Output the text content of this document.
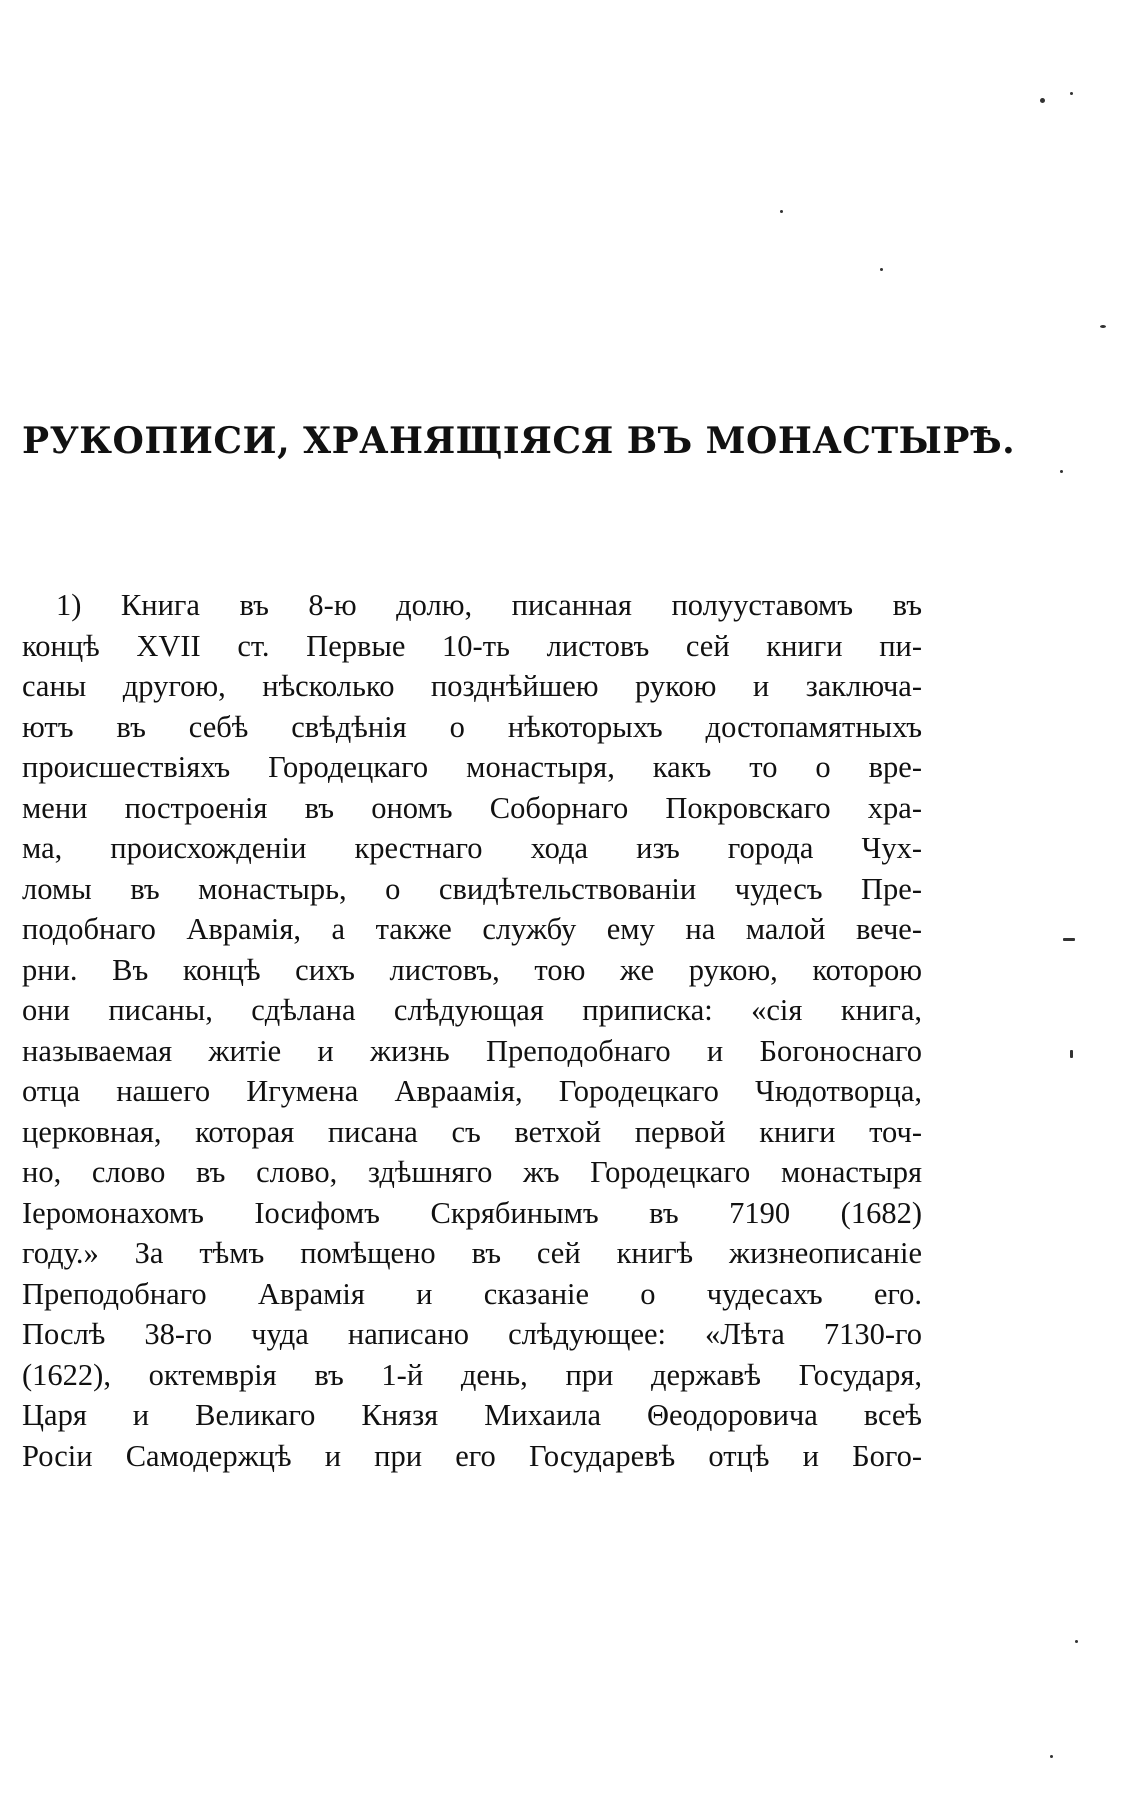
РУКОПИСИ, ХРАНЯЩІЯСЯ ВЪ МОНАСТЫРѢ.
1) Книга въ 8-ю долю, писанная полууставомъ въ
концѣ XVII ст. Первые 10-ть листовъ сей книги пи-
саны другою, нѣсколько позднѣйшею рукою и заключа-
ютъ въ себѣ свѣдѣнія о нѣкоторыхъ достопамятныхъ
происшествіяхъ Городецкаго монастыря, какъ то о вре-
мени построенія въ ономъ Соборнаго Покровскаго хра-
ма, происхожденіи крестнаго хода изъ города Чух-
ломы въ монастырь, о свидѣтельствованіи чудесъ Пре-
подобнаго Аврамія, а также службу ему на малой вече-
рни. Въ концѣ сихъ листовъ, тою же рукою, которою
они писаны, сдѣлана слѣдующая приписка: «сія книга,
называемая житіе и жизнь Преподобнаго и Богоноснаго
отца нашего Игумена Авраамія, Городецкаго Чюдотворца,
церковная, которая писана съ ветхой первой книги точ-
но, слово въ слово, здѣшняго жъ Городецкаго монастыря
Іеромонахомъ Іосифомъ Скрябинымъ въ 7190 (1682)
году.» За тѣмъ помѣщено въ сей книгѣ жизнеописаніе
Преподобнаго Аврамія и сказаніе о чудесахъ его.
Послѣ 38-го чуда написано слѣдующее: «Лѣта 7130-го
(1622), октемврія въ 1-й день, при державѣ Государя,
Царя и Великаго Князя Михаила Θеодоровича всеѣ
Росіи Самодержцѣ и при его Государевѣ отцѣ и Бого-
